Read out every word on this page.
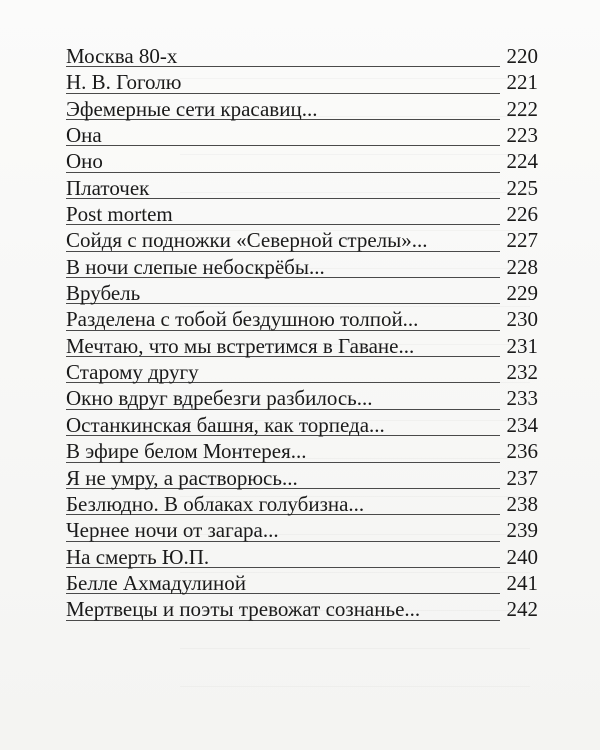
Москва 80-х	220
Н. В. Гоголю	221
Эфемерные сети красавиц...	222
Она	223
Оно	224
Платочек	225
Post mortem	226
Сойдя с подножки «Северной стрелы»...	227
В ночи слепые небоскрёбы...	228
Врубель	229
Разделена с тобой бездушною толпой...	230
Мечтаю, что мы встретимся в Гаване...	231
Старому другу	232
Окно вдруг вдребезги разбилось...	233
Останкинская башня, как торпеда...	234
В эфире белом Монтерея...	236
Я не умру, а растворюсь...	237
Безлюдно. В облаках голубизна...	238
Чернее ночи от загара...	239
На смерть Ю.П.	240
Белле Ахмадулиной	241
Мертвецы и поэты тревожат сознанье...	242
